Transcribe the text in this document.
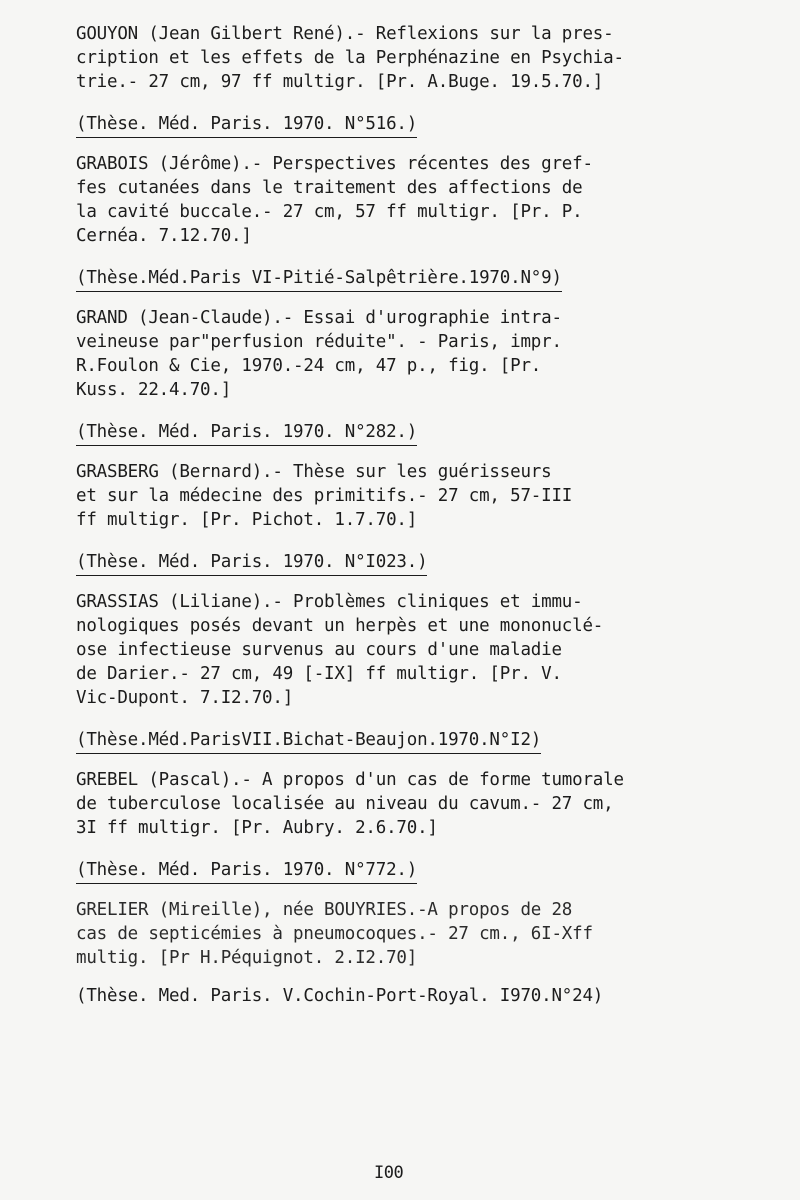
GOUYON (Jean Gilbert René).- Reflexions sur la pres-

cription et les effets de la Perphénazine en Psychia-

trie.- 27 cm, 97 ff multigr. [Pr. A.Buge. 19.5.70.]

(Thèse. Méd. Paris. 1970. N°516.)

GRABOIS (Jérôme).- Perspectives récentes des gref-

fes cutanées dans le traitement des affections de

la cavité buccale.- 27 cm, 57 ff multigr. [Pr. P.

Cernéa. 7.12.70.]

(Thèse.Méd.Paris VI-Pitié-Salpêtrière.1970.N°9)

GRAND (Jean-Claude).- Essai d'urographie intra-

veineuse par"perfusion réduite". - Paris, impr.

R.Foulon & Cie, 1970.-24 cm, 47 p., fig. [Pr.

Kuss. 22.4.70.]

(Thèse. Méd. Paris. 1970. N°282.)

GRASBERG (Bernard).- Thèse sur les guérisseurs

et sur la médecine des primitifs.- 27 cm, 57-III

ff multigr. [Pr. Pichot. 1.7.70.]

(Thèse. Méd. Paris. 1970. N°I023.)

GRASSIAS (Liliane).- Problèmes cliniques et immu-

nologiques posés devant un herpès et une mononuclé-

ose infectieuse survenus au cours d'une maladie

de Darier.- 27 cm, 49 [-IX] ff multigr. [Pr. V.

Vic-Dupont. 7.I2.70.]

(Thèse.Méd.ParisVII.Bichat-Beaujon.1970.N°I2)

GREBEL (Pascal).- A propos d'un cas de forme tumorale

de tuberculose localisée au niveau du cavum.- 27 cm,

3I ff multigr. [Pr. Aubry. 2.6.70.]

(Thèse. Méd. Paris. 1970. N°772.)

GRELIER (Mireille), née BOUYRIES.-A propos de 28

cas de septicémies à pneumocoques.- 27 cm., 6I-Xff

multig. [Pr H.Péquignot. 2.I2.70]

(Thèse. Med. Paris. V.Cochin-Port-Royal. I970.N°24)
I00
